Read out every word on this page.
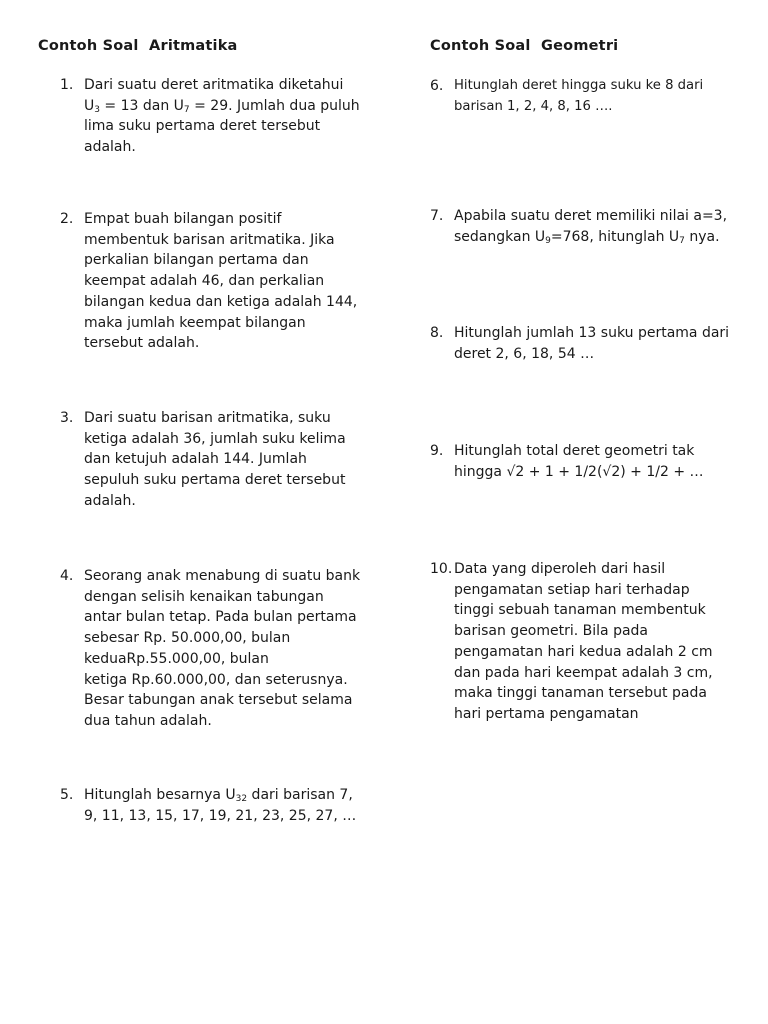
Contoh Soal  Aritmatika
1. Dari suatu deret aritmatika diketahui
$U_3 = 13$ dan $U_7 = 29$. Jumlah dua puluh
lima suku pertama deret tersebut
adalah.
2. Empat buah bilangan positif
membentuk barisan aritmatika. Jika
perkalian bilangan pertama dan
keempat adalah 46, dan perkalian
bilangan kedua dan ketiga adalah 144,
maka jumlah keempat bilangan
tersebut adalah.
3. Dari suatu barisan aritmatika, suku
ketiga adalah 36, jumlah suku kelima
dan ketujuh adalah 144. Jumlah
sepuluh suku pertama deret tersebut
adalah.
4. Seorang anak menabung di suatu bank
dengan selisih kenaikan tabungan
antar bulan tetap. Pada bulan pertama
sebesar Rp. 50.000,00, bulan
keduaRp.55.000,00, bulan
ketiga Rp.60.000,00, dan seterusnya.
Besar tabungan anak tersebut selama
dua tahun adalah.
5. Hitunglah besarnya $U_{32}$ dari barisan 7,
9, 11, 13, 15, 17, 19, 21, 23, 25, 27, …
Contoh Soal  Geometri
6. Hitunglah deret hingga suku ke 8 dari
barisan 1, 2, 4, 8, 16 ….
7. Apabila suatu deret memiliki nilai a=3,
sedangkan $U_9=768$, hitunglah $U_7$ nya.
8. Hitunglah jumlah 13 suku pertama dari
deret 2, 6, 18, 54 …
9. Hitunglah total deret geometri tak
hingga √2 + 1 + 1/2(√2) + 1/2 + …
10. Data yang diperoleh dari hasil
pengamatan setiap hari terhadap
tinggi sebuah tanaman membentuk
barisan geometri. Bila pada
pengamatan hari kedua adalah 2 cm
dan pada hari keempat adalah 3 cm,
maka tinggi tanaman tersebut pada
hari pertama pengamatan
